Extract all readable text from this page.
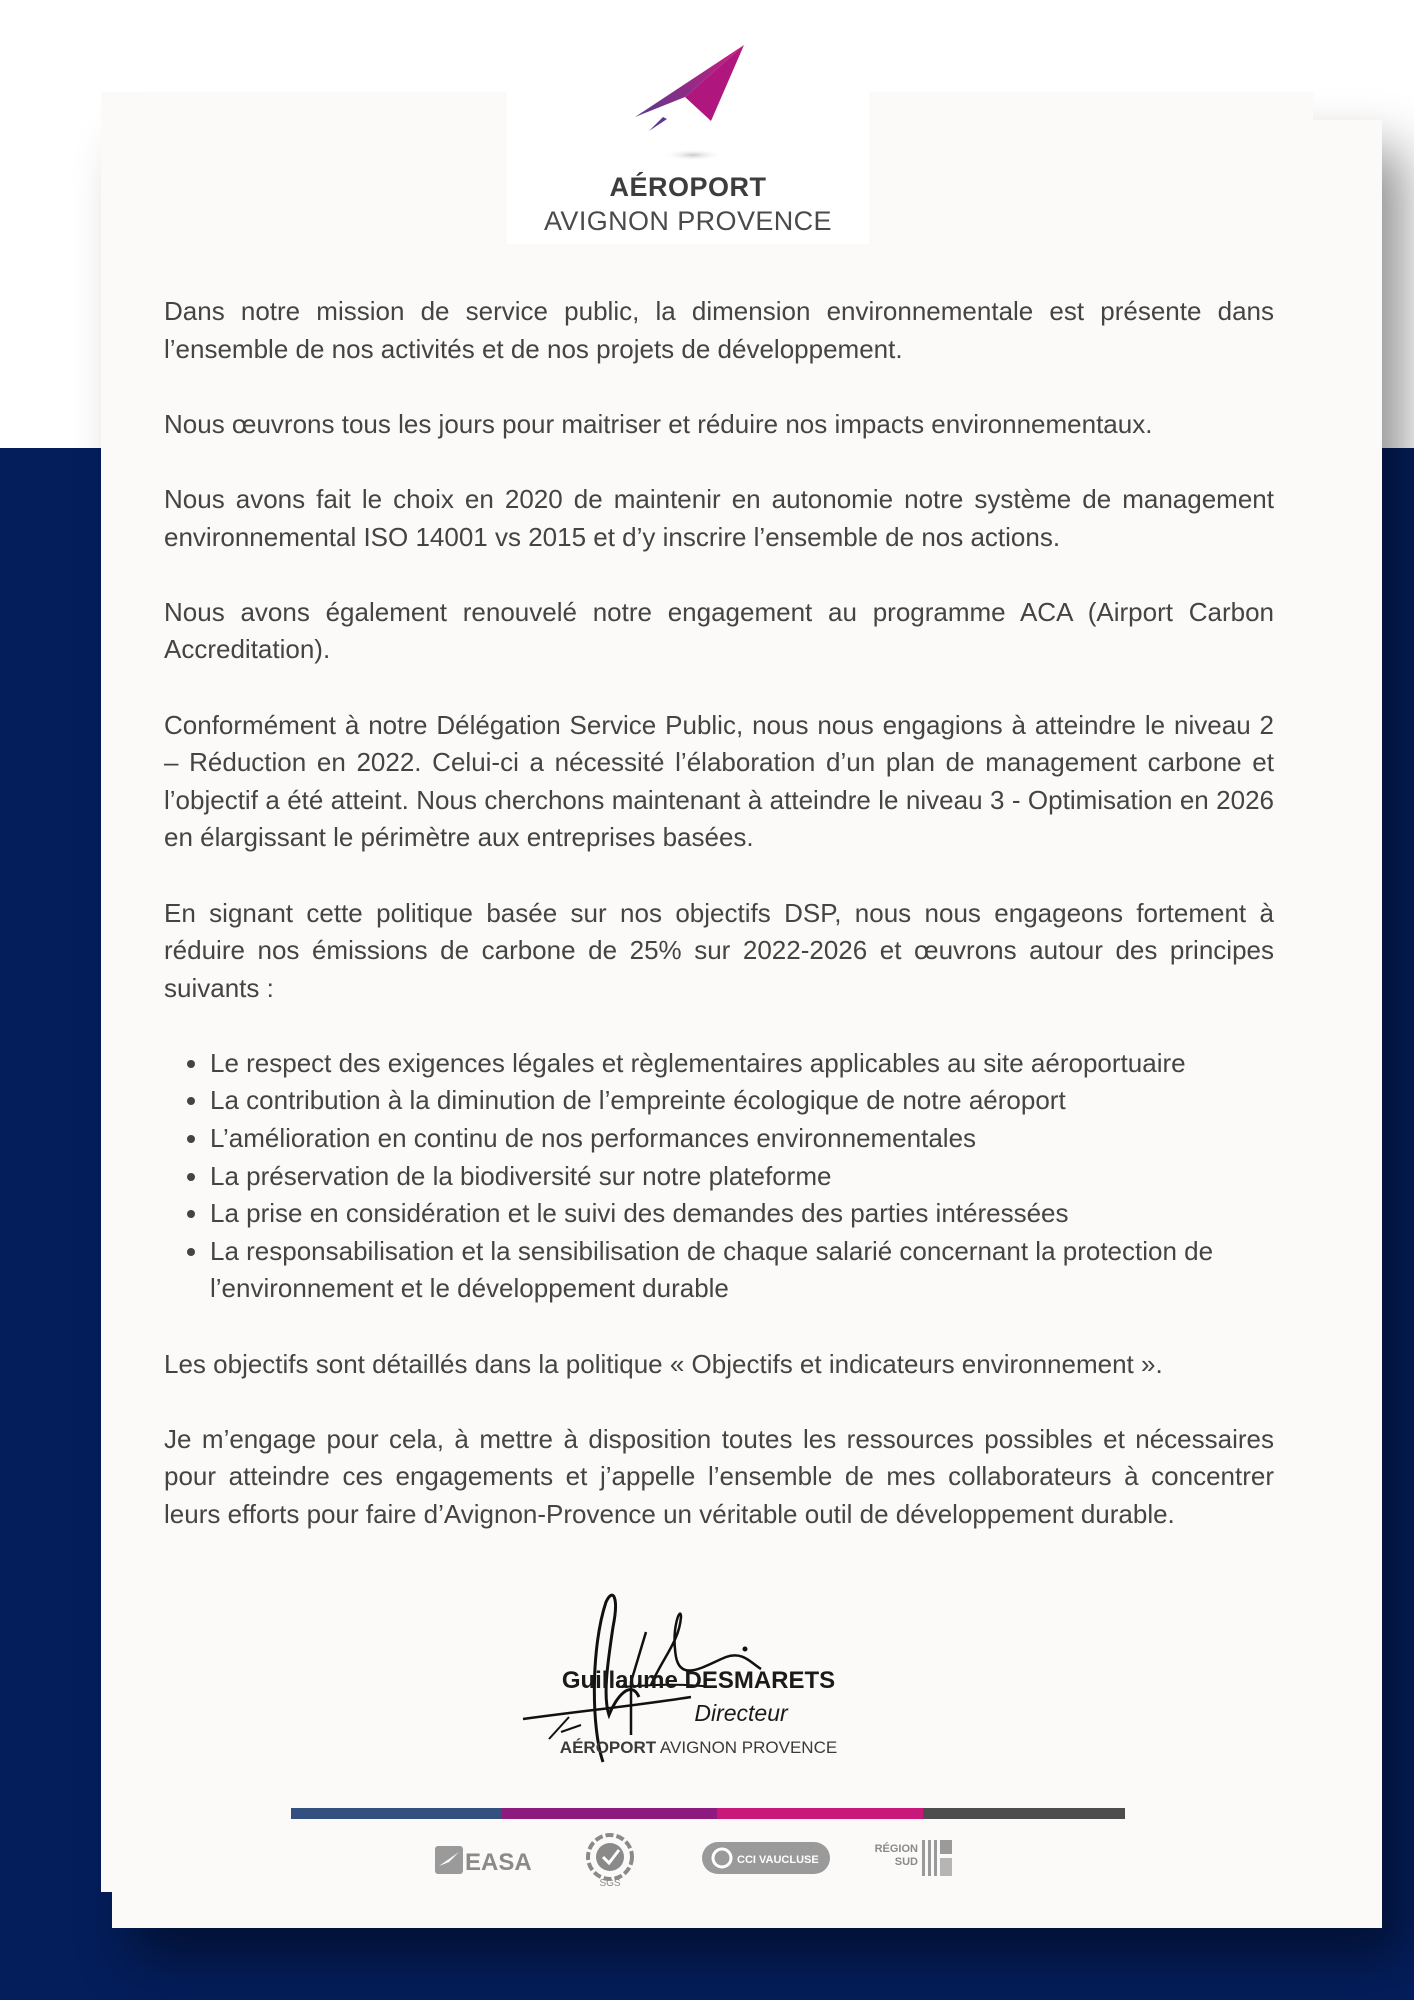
AÉROPORT
AVIGNON PROVENCE

Dans notre mission de service public, la dimension environnementale est présente dans l’ensemble de nos activités et de nos projets de développement.

Nous œuvrons tous les jours pour maitriser et réduire nos impacts environnementaux.

Nous avons fait le choix en 2020 de maintenir en autonomie notre système de management environnemental ISO 14001 vs 2015 et d’y inscrire l’ensemble de nos actions.

Nous avons également renouvelé notre engagement au programme ACA (Airport Carbon Accreditation).

Conformément à notre Délégation Service Public, nous nous engagions à atteindre le niveau 2 – Réduction en 2022. Celui-ci a nécessité l’élaboration d’un plan de management carbone et l’objectif a été atteint. Nous cherchons maintenant à atteindre le niveau 3 - Optimisation en 2026 en élargissant le périmètre aux entreprises basées.

En signant cette politique basée sur nos objectifs DSP, nous nous engageons fortement à réduire nos émissions de carbone de 25% sur 2022-2026 et œuvrons autour des principes suivants :

• Le respect des exigences légales et règlementaires applicables au site aéroportuaire
• La contribution à la diminution de l’empreinte écologique de notre aéroport
• L’amélioration en continu de nos performances environnementales
• La préservation de la biodiversité sur notre plateforme
• La prise en considération et le suivi des demandes des parties intéressées
• La responsabilisation et la sensibilisation de chaque salarié concernant la protection de l’environnement et le développement durable

Les objectifs sont détaillés dans la politique « Objectifs et indicateurs environnement ».

Je m’engage pour cela, à mettre à disposition toutes les ressources possibles et nécessaires pour atteindre ces engagements et j’appelle l’ensemble de mes collaborateurs à concentrer leurs efforts pour faire d’Avignon-Provence un véritable outil de développement durable.

Guillaume DESMARETS
Directeur
AÉROPORT AVIGNON PROVENCE
EASA
SGS
CCI VAUCLUSE
RÉGION
SUD
